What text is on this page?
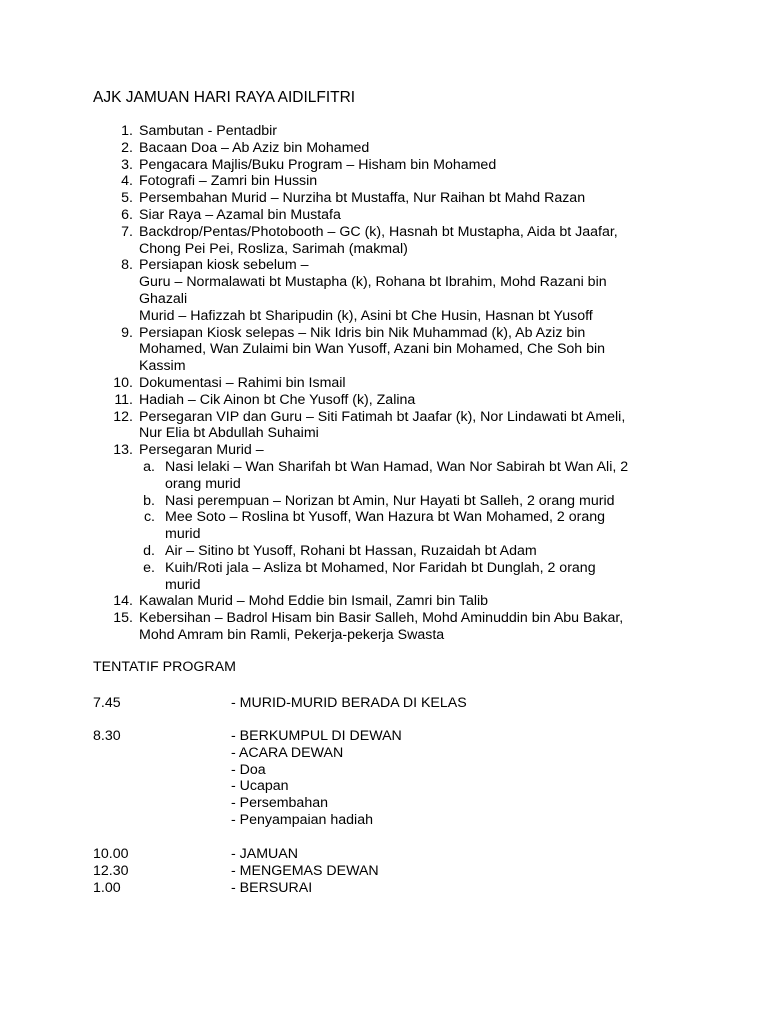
AJK JAMUAN HARI RAYA AIDILFITRI
1. Sambutan - Pentadbir
2. Bacaan Doa – Ab Aziz bin Mohamed
3. Pengacara Majlis/Buku Program – Hisham bin Mohamed
4. Fotografi – Zamri bin Hussin
5. Persembahan Murid – Nurziha bt Mustaffa, Nur Raihan bt Mahd Razan
6. Siar Raya – Azamal bin Mustafa
7. Backdrop/Pentas/Photobooth – GC (k), Hasnah bt Mustapha, Aida bt Jaafar,
Chong Pei Pei, Rosliza, Sarimah (makmal)
8. Persiapan kiosk sebelum –
Guru – Normalawati bt Mustapha (k), Rohana bt Ibrahim, Mohd Razani bin
Ghazali
Murid – Hafizzah bt Sharipudin (k), Asini bt Che Husin, Hasnan bt Yusoff
9. Persiapan Kiosk selepas – Nik Idris bin Nik Muhammad (k), Ab Aziz bin
Mohamed, Wan Zulaimi bin Wan Yusoff, Azani bin Mohamed, Che Soh bin
Kassim
10. Dokumentasi – Rahimi bin Ismail
11. Hadiah – Cik Ainon bt Che Yusoff (k), Zalina
12. Persegaran VIP dan Guru – Siti Fatimah bt Jaafar (k), Nor Lindawati bt Ameli,
Nur Elia bt Abdullah Suhaimi
13. Persegaran Murid –
a. Nasi lelaki – Wan Sharifah bt Wan Hamad, Wan Nor Sabirah bt Wan Ali, 2
orang murid
b. Nasi perempuan – Norizan bt Amin, Nur Hayati bt Salleh, 2 orang murid
c. Mee Soto – Roslina bt Yusoff, Wan Hazura bt Wan Mohamed, 2 orang
murid
d. Air – Sitino bt Yusoff, Rohani bt Hassan, Ruzaidah bt Adam
e. Kuih/Roti jala – Asliza bt Mohamed, Nor Faridah bt Dunglah, 2 orang
murid
14. Kawalan Murid – Mohd Eddie bin Ismail, Zamri bin Talib
15. Kebersihan – Badrol Hisam bin Basir Salleh, Mohd Aminuddin bin Abu Bakar,
Mohd Amram bin Ramli, Pekerja-pekerja Swasta
TENTATIF PROGRAM
7.45	- MURID-MURID BERADA DI KELAS
8.30	- BERKUMPUL DI DEWAN
- ACARA DEWAN
- Doa
- Ucapan
- Persembahan
- Penyampaian hadiah
10.00	- JAMUAN
12.30	- MENGEMAS DEWAN
1.00	- BERSURAI
